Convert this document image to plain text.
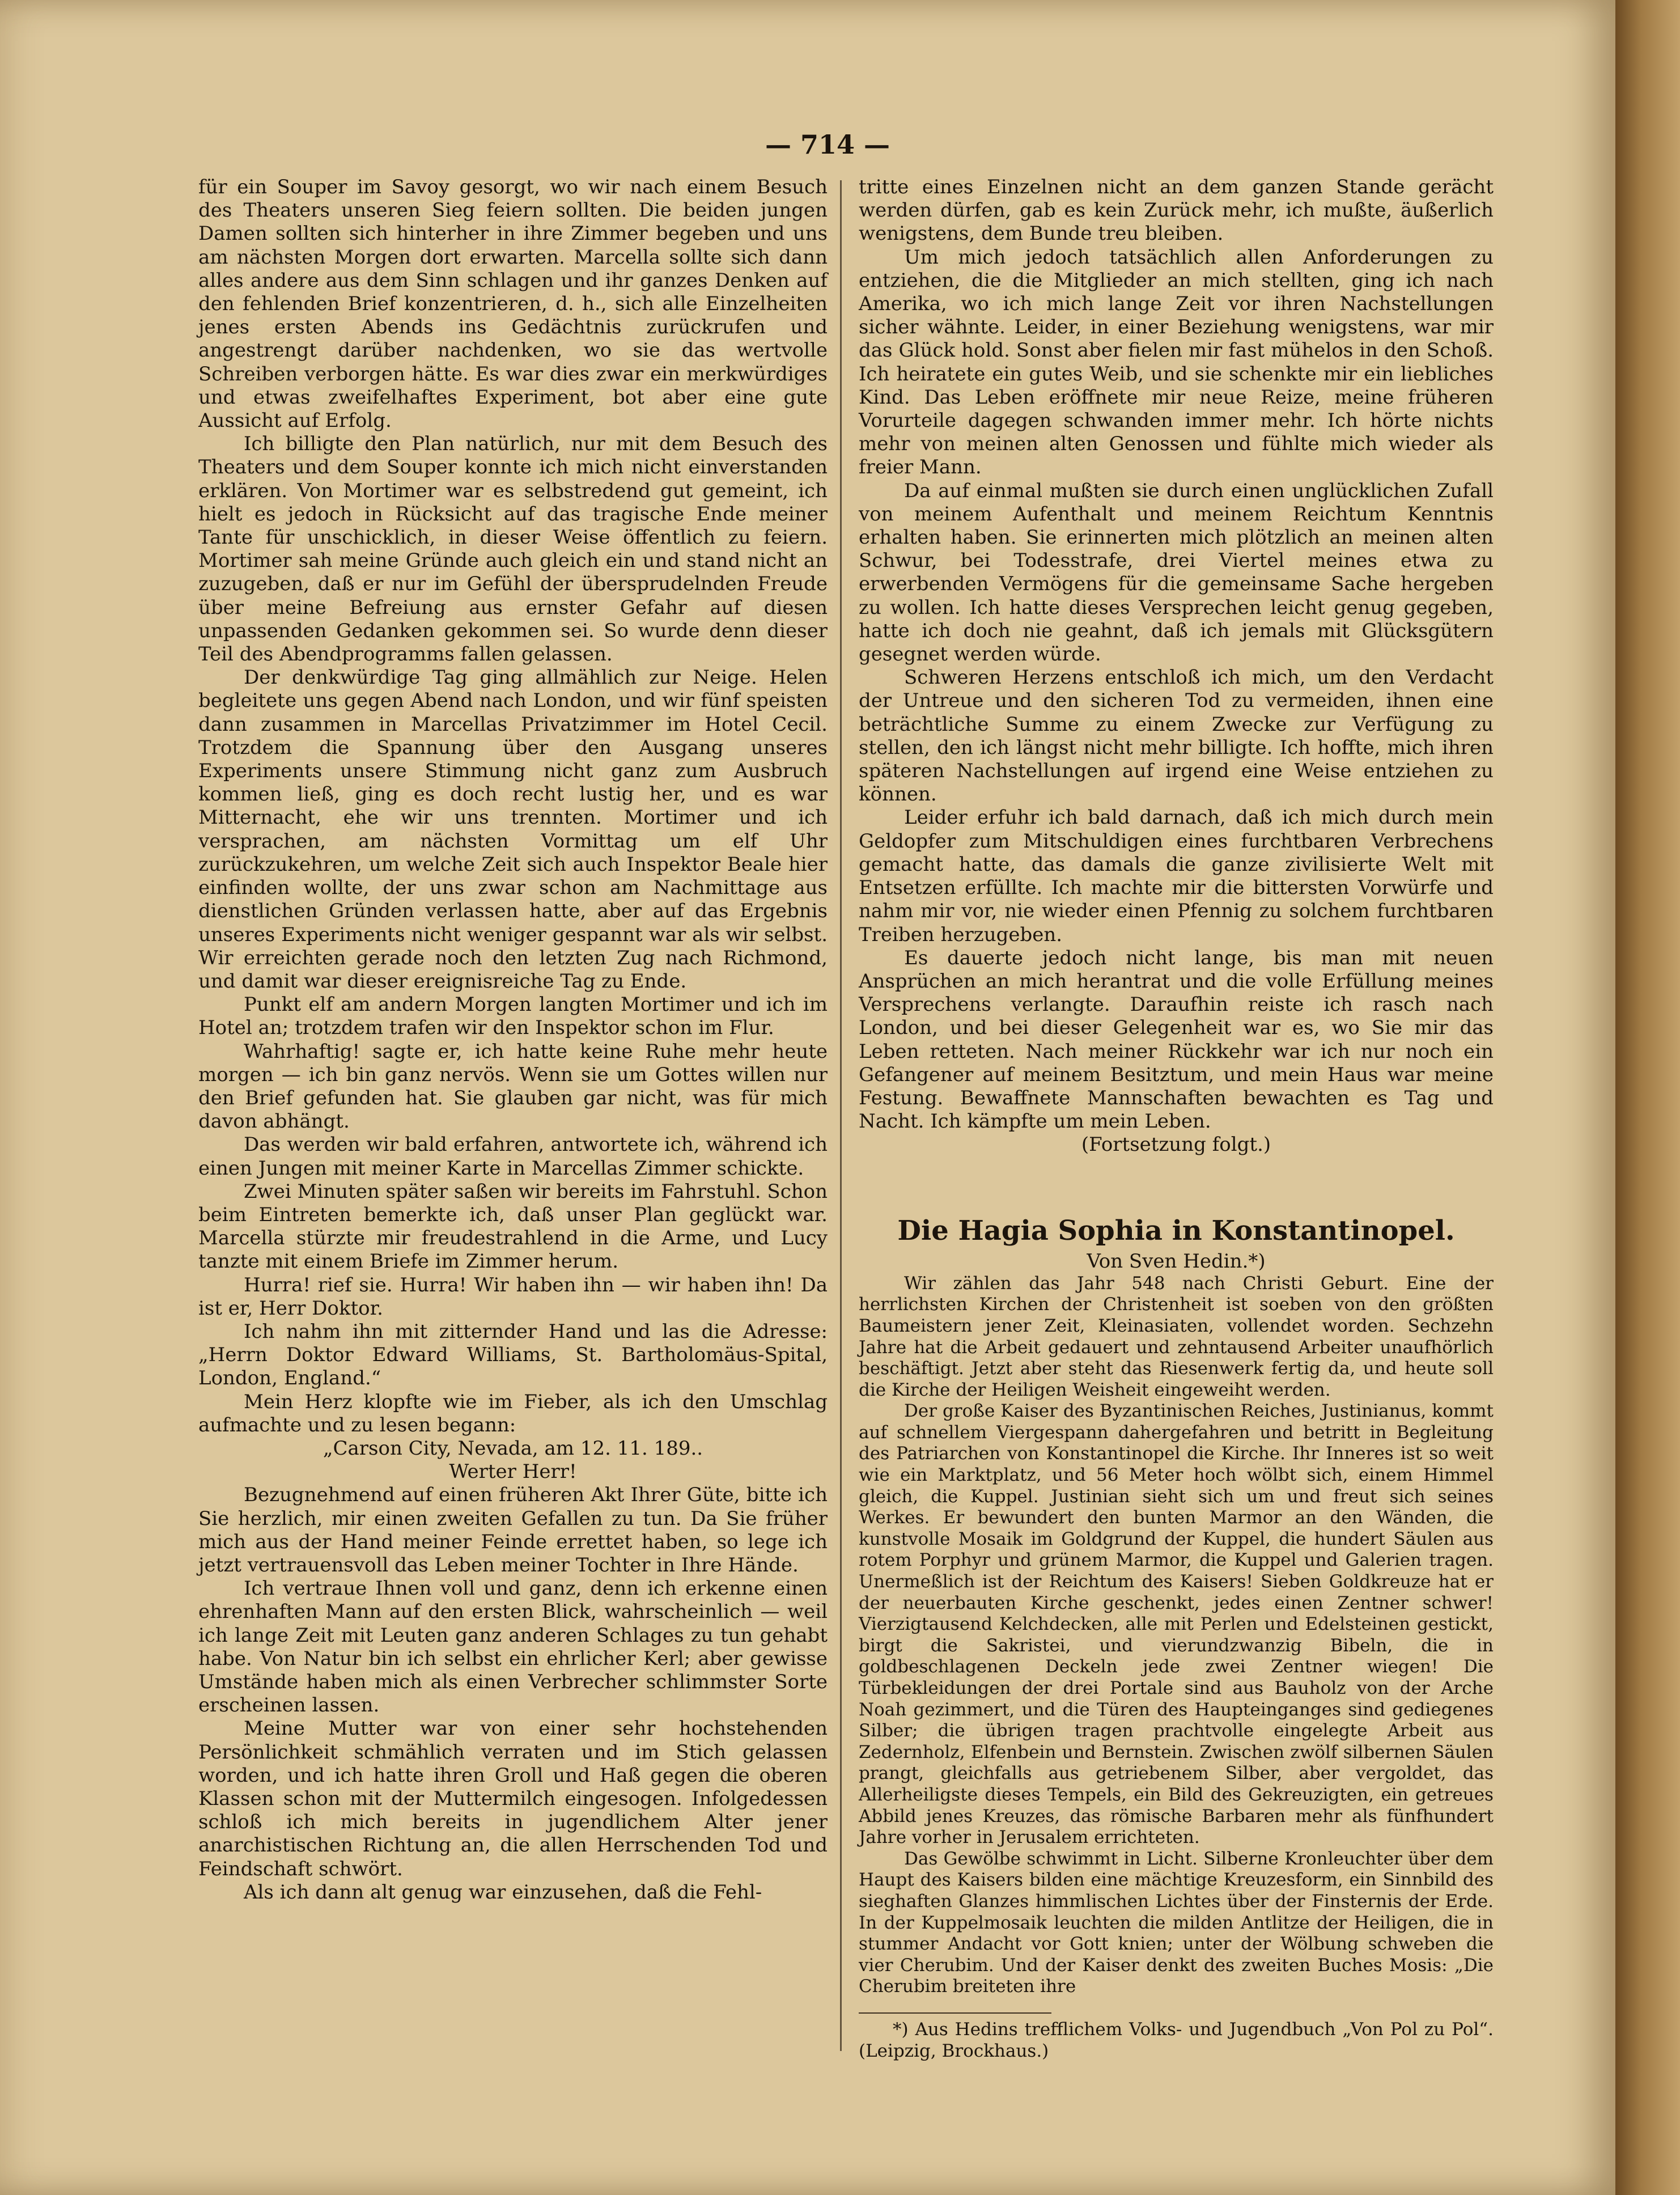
— 714 —

für ein Souper im Savoy gesorgt, wo wir nach einem Besuch des Theaters unseren Sieg feiern sollten. Die beiden jungen Damen sollten sich hinterher in ihre Zimmer begeben und uns am nächsten Morgen dort erwarten. Marcella sollte sich dann alles andere aus dem Sinn schlagen und ihr ganzes Denken auf den fehlenden Brief konzentrieren, d. h., sich alle Einzelheiten jenes ersten Abends ins Gedächtnis zurückrufen und angestrengt darüber nachdenken, wo sie das wertvolle Schreiben verborgen hätte. Es war dies zwar ein merkwürdiges und etwas zweifelhaftes Experiment, bot aber eine gute Aussicht auf Erfolg.

Ich billigte den Plan natürlich, nur mit dem Besuch des Theaters und dem Souper konnte ich mich nicht einverstanden erklären. Von Mortimer war es selbstredend gut gemeint, ich hielt es jedoch in Rücksicht auf das tragische Ende meiner Tante für unschicklich, in dieser Weise öffentlich zu feiern. Mortimer sah meine Gründe auch gleich ein und stand nicht an zuzugeben, daß er nur im Gefühl der übersprudelnden Freude über meine Befreiung aus ernster Gefahr auf diesen unpassenden Gedanken gekommen sei. So wurde denn dieser Teil des Abendprogramms fallen gelassen.

Der denkwürdige Tag ging allmählich zur Neige. Helen begleitete uns gegen Abend nach London, und wir fünf speisten dann zusammen in Marcellas Privatzimmer im Hotel Cecil. Trotzdem die Spannung über den Ausgang unseres Experiments unsere Stimmung nicht ganz zum Ausbruch kommen ließ, ging es doch recht lustig her, und es war Mitternacht, ehe wir uns trennten. Mortimer und ich versprachen, am nächsten Vormittag um elf Uhr zurückzukehren, um welche Zeit sich auch Inspektor Beale hier einfinden wollte, der uns zwar schon am Nachmittage aus dienstlichen Gründen verlassen hatte, aber auf das Ergebnis unseres Experiments nicht weniger gespannt war als wir selbst. Wir erreichten gerade noch den letzten Zug nach Richmond, und damit war dieser ereignisreiche Tag zu Ende.

Punkt elf am andern Morgen langten Mortimer und ich im Hotel an; trotzdem trafen wir den Inspektor schon im Flur.

Wahrhaftig! sagte er, ich hatte keine Ruhe mehr heute morgen — ich bin ganz nervös. Wenn sie um Gottes willen nur den Brief gefunden hat. Sie glauben gar nicht, was für mich davon abhängt.

Das werden wir bald erfahren, antwortete ich, während ich einen Jungen mit meiner Karte in Marcellas Zimmer schickte.

Zwei Minuten später saßen wir bereits im Fahrstuhl. Schon beim Eintreten bemerkte ich, daß unser Plan geglückt war. Marcella stürzte mir freudestrahlend in die Arme, und Lucy tanzte mit einem Briefe im Zimmer herum.

Hurra! rief sie. Hurra! Wir haben ihn — wir haben ihn! Da ist er, Herr Doktor.

Ich nahm ihn mit zitternder Hand und las die Adresse: „Herrn Doktor Edward Williams, St. Bartholomäus-Spital, London, England.“

Mein Herz klopfte wie im Fieber, als ich den Umschlag aufmachte und zu lesen begann:

„Carson City, Nevada, am 12. 11. 189..

Werter Herr!

Bezugnehmend auf einen früheren Akt Ihrer Güte, bitte ich Sie herzlich, mir einen zweiten Gefallen zu tun. Da Sie früher mich aus der Hand meiner Feinde errettet haben, so lege ich jetzt vertrauensvoll das Leben meiner Tochter in Ihre Hände.

Ich vertraue Ihnen voll und ganz, denn ich erkenne einen ehrenhaften Mann auf den ersten Blick, wahrscheinlich — weil ich lange Zeit mit Leuten ganz anderen Schlages zu tun gehabt habe. Von Natur bin ich selbst ein ehrlicher Kerl; aber gewisse Umstände haben mich als einen Verbrecher schlimmster Sorte erscheinen lassen.

Meine Mutter war von einer sehr hochstehenden Persönlichkeit schmählich verraten und im Stich gelassen worden, und ich hatte ihren Groll und Haß gegen die oberen Klassen schon mit der Muttermilch eingesogen. Infolgedessen schloß ich mich bereits in jugendlichem Alter jener anarchistischen Richtung an, die allen Herrschenden Tod und Feindschaft schwört.

Als ich dann alt genug war einzusehen, daß die Fehl-

tritte eines Einzelnen nicht an dem ganzen Stande gerächt werden dürfen, gab es kein Zurück mehr, ich mußte, äußerlich wenigstens, dem Bunde treu bleiben.

Um mich jedoch tatsächlich allen Anforderungen zu entziehen, die die Mitglieder an mich stellten, ging ich nach Amerika, wo ich mich lange Zeit vor ihren Nachstellungen sicher wähnte. Leider, in einer Beziehung wenigstens, war mir das Glück hold. Sonst aber fielen mir fast mühelos in den Schoß. Ich heiratete ein gutes Weib, und sie schenkte mir ein liebliches Kind. Das Leben eröffnete mir neue Reize, meine früheren Vorurteile dagegen schwanden immer mehr. Ich hörte nichts mehr von meinen alten Genossen und fühlte mich wieder als freier Mann.

Da auf einmal mußten sie durch einen unglücklichen Zufall von meinem Aufenthalt und meinem Reichtum Kenntnis erhalten haben. Sie erinnerten mich plötzlich an meinen alten Schwur, bei Todesstrafe, drei Viertel meines etwa zu erwerbenden Vermögens für die gemeinsame Sache hergeben zu wollen. Ich hatte dieses Versprechen leicht genug gegeben, hatte ich doch nie geahnt, daß ich jemals mit Glücksgütern gesegnet werden würde.

Schweren Herzens entschloß ich mich, um den Verdacht der Untreue und den sicheren Tod zu vermeiden, ihnen eine beträchtliche Summe zu einem Zwecke zur Verfügung zu stellen, den ich längst nicht mehr billigte. Ich hoffte, mich ihren späteren Nachstellungen auf irgend eine Weise entziehen zu können.

Leider erfuhr ich bald darnach, daß ich mich durch mein Geldopfer zum Mitschuldigen eines furchtbaren Verbrechens gemacht hatte, das damals die ganze zivilisierte Welt mit Entsetzen erfüllte. Ich machte mir die bittersten Vorwürfe und nahm mir vor, nie wieder einen Pfennig zu solchem furchtbaren Treiben herzugeben.

Es dauerte jedoch nicht lange, bis man mit neuen Ansprüchen an mich herantrat und die volle Erfüllung meines Versprechens verlangte. Daraufhin reiste ich rasch nach London, und bei dieser Gelegenheit war es, wo Sie mir das Leben retteten. Nach meiner Rückkehr war ich nur noch ein Gefangener auf meinem Besitztum, und mein Haus war meine Festung. Bewaffnete Mannschaften bewachten es Tag und Nacht. Ich kämpfte um mein Leben.

(Fortsetzung folgt.)

Die Hagia Sophia in Konstantinopel.

Von Sven Hedin.*)

Wir zählen das Jahr 548 nach Christi Geburt. Eine der herrlichsten Kirchen der Christenheit ist soeben von den größten Baumeistern jener Zeit, Kleinasiaten, vollendet worden. Sechzehn Jahre hat die Arbeit gedauert und zehntausend Arbeiter unaufhörlich beschäftigt. Jetzt aber steht das Riesenwerk fertig da, und heute soll die Kirche der Heiligen Weisheit eingeweiht werden.

Der große Kaiser des Byzantinischen Reiches, Justinianus, kommt auf schnellem Viergespann dahergefahren und betritt in Begleitung des Patriarchen von Konstantinopel die Kirche. Ihr Inneres ist so weit wie ein Marktplatz, und 56 Meter hoch wölbt sich, einem Himmel gleich, die Kuppel. Justinian sieht sich um und freut sich seines Werkes. Er bewundert den bunten Marmor an den Wänden, die kunstvolle Mosaik im Goldgrund der Kuppel, die hundert Säulen aus rotem Porphyr und grünem Marmor, die Kuppel und Galerien tragen. Unermeßlich ist der Reichtum des Kaisers! Sieben Goldkreuze hat er der neuerbauten Kirche geschenkt, jedes einen Zentner schwer! Vierzigtausend Kelchdecken, alle mit Perlen und Edelsteinen gestickt, birgt die Sakristei, und vierundzwanzig Bibeln, die in goldbeschlagenen Deckeln jede zwei Zentner wiegen! Die Türbekleidungen der drei Portale sind aus Bauholz von der Arche Noah gezimmert, und die Türen des Haupteinganges sind gediegenes Silber; die übrigen tragen prachtvolle eingelegte Arbeit aus Zedernholz, Elfenbein und Bernstein. Zwischen zwölf silbernen Säulen prangt, gleichfalls aus getriebenem Silber, aber vergoldet, das Allerheiligste dieses Tempels, ein Bild des Gekreuzigten, ein getreues Abbild jenes Kreuzes, das römische Barbaren mehr als fünfhundert Jahre vorher in Jerusalem errichteten.

Das Gewölbe schwimmt in Licht. Silberne Kronleuchter über dem Haupt des Kaisers bilden eine mächtige Kreuzesform, ein Sinnbild des sieghaften Glanzes himmlischen Lichtes über der Finsternis der Erde. In der Kuppelmosaik leuchten die milden Antlitze der Heiligen, die in stummer Andacht vor Gott knien; unter der Wölbung schweben die vier Cherubim. Und der Kaiser denkt des zweiten Buches Mosis: „Die Cherubim breiteten ihre

*) Aus Hedins trefflichem Volks- und Jugendbuch „Von Pol zu Pol“. (Leipzig, Brockhaus.)
